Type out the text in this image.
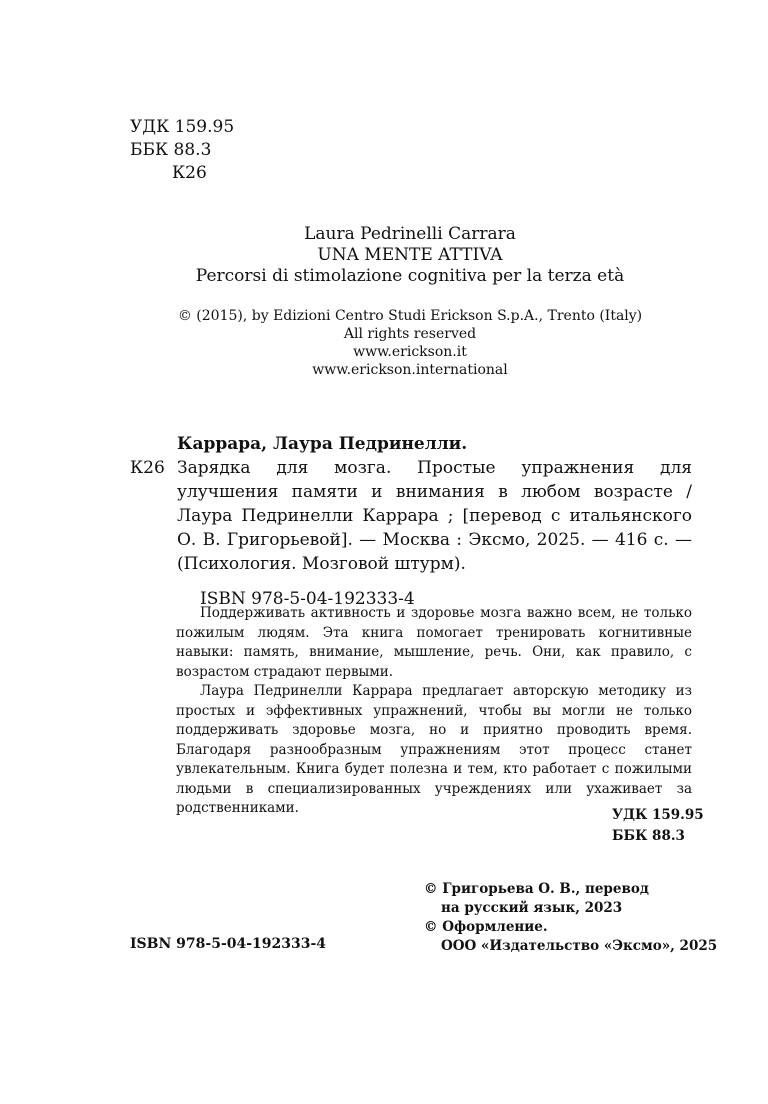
УДК 159.95
ББК 88.3
К26
Laura Pedrinelli Carrara
UNA MENTE ATTIVA
Percorsi di stimolazione cognitiva per la terza età
© (2015), by Edizioni Centro Studi Erickson S.p.A., Trento (Italy)
All rights reserved
www.erickson.it
www.erickson.international
Каррара, Лаура Педринелли.
К26 Зарядка для мозга. Простые упражнения для улучшения памяти и внимания в любом возрасте / Лаура Педринелли Каррара ; [перевод с итальянского О. В. Григорьевой]. — Москва : Эксмо, 2025. — 416 с. — (Психология. Мозговой штурм).
ISBN 978-5-04-192333-4

Поддерживать активность и здоровье мозга важно всем, не только пожилым людям. Эта книга помогает тренировать когнитивные навыки: память, внимание, мышление, речь. Они, как правило, с возрастом страдают первыми.

Лаура Педринелли Каррара предлагает авторскую методику из простых и эффективных упражнений, чтобы вы могли не только поддерживать здоровье мозга, но и приятно проводить время. Благодаря разнообразным упражнениям этот процесс станет увлекательным. Книга будет полезна и тем, кто работает с пожилыми людьми в специализированных учреждениях или ухаживает за родственниками.	УДК 159.95
ББК 88.3
© Григорьева О. В., перевод
на русский язык, 2023
© Оформление.
ООО «Издательство «Эксмо», 2025
ISBN 978-5-04-192333-4
